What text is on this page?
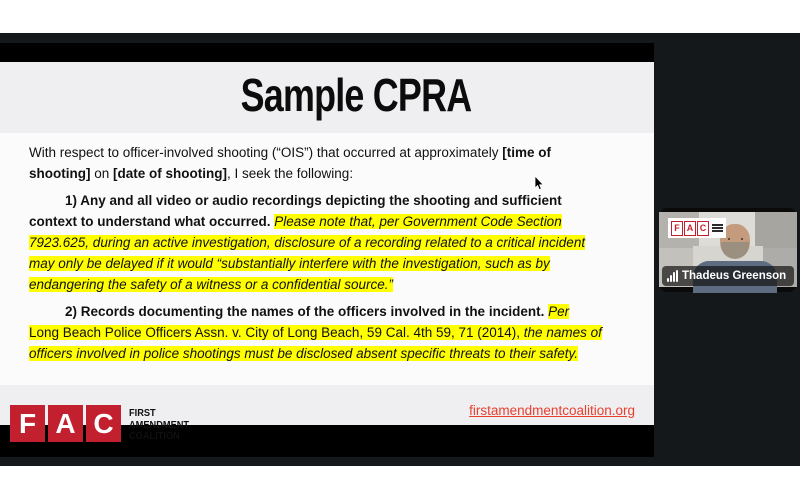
Sample CPRA
With respect to officer-involved shooting (“OIS”) that occurred at approximately [time of
shooting] on [date of shooting], I seek the following:
1) Any and all video or audio recordings depicting the shooting and sufficient
context to understand what occurred. Please note that, per Government Code Section
7923.625, during an active investigation, disclosure of a recording related to a critical incident
may only be delayed if it would “substantially interfere with the investigation, such as by
endangering the safety of a witness or a confidential source.”
2) Records documenting the names of the officers involved in the incident. Per
Long Beach Police Officers Assn. v. City of Long Beach, 59 Cal. 4th 59, 71 (2014), the names of
officers involved in police shootings must be disclosed absent specific threats to their safety.
F A C	FIRST
AMENDMENT
COALITION
firstamendmentcoalition.org
F A C
Thadeus Greenson
